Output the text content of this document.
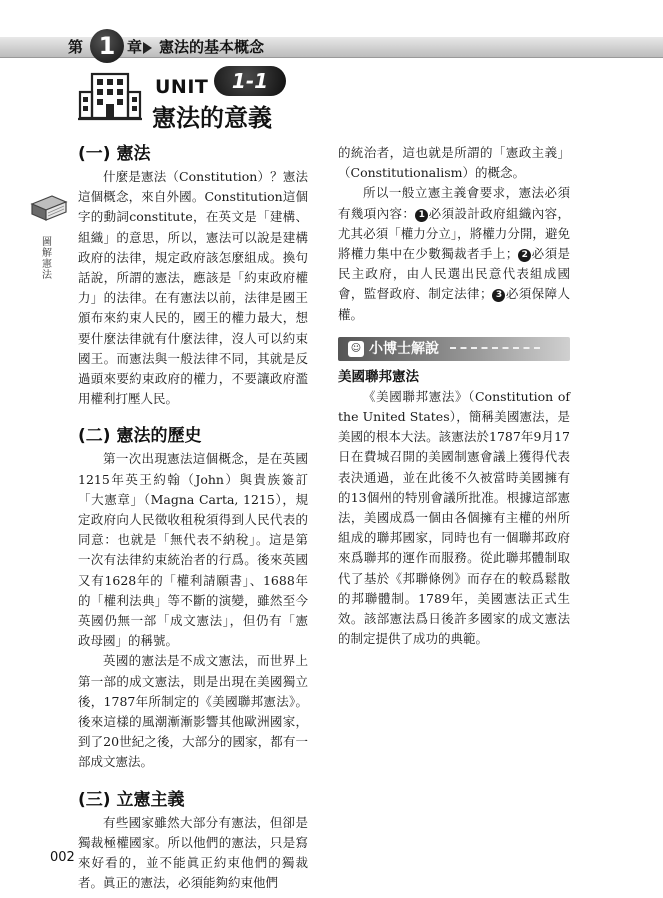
第 1 章 憲法的基本概念
UNIT	1-1
憲法的意義
圖解憲法
(一) 憲法

什麼是憲法（Constitution）？憲法這個概念，來自外國。Constitution這個字的動詞constitute，在英文是「建構、組織」的意思，所以，憲法可以說是建構政府的法律，規定政府該怎麼組成。換句話說，所謂的憲法，應該是「約束政府權力」的法律。在有憲法以前，法律是國王頒布來約束人民的，國王的權力最大，想要什麼法律就有什麼法律，沒人可以約束國王。而憲法與一般法律不同，其就是反過頭來要約束政府的權力，不要讓政府濫用權利打壓人民。

(二) 憲法的歷史

第一次出現憲法這個概念，是在英國1215年英王約翰（John）與貴族簽訂「大憲章」（Magna Carta, 1215），規定政府向人民徵收租稅須得到人民代表的同意：也就是「無代表不納稅」。這是第一次有法律約束統治者的行爲。後來英國又有1628年的「權利請願書」、1688年的「權利法典」等不斷的演變，雖然至今英國仍無一部「成文憲法」，但仍有「憲政母國」的稱號。

英國的憲法是不成文憲法，而世界上第一部的成文憲法，則是出現在美國獨立後，1787年所制定的《美國聯邦憲法》。後來這樣的風潮漸漸影響其他歐洲國家，到了20世紀之後，大部分的國家，都有一部成文憲法。

(三) 立憲主義

有些國家雖然大部分有憲法，但卻是獨裁極權國家。所以他們的憲法，只是寫來好看的，並不能眞正約束他們的獨裁者。眞正的憲法，必須能夠約束他們

的統治者，這也就是所謂的「憲政主義」（Constitutionalism）的概念。

所以一般立憲主義會要求，憲法必須有幾項內容： 1 必須設計政府組織內容，尤其必須「權力分立」，將權力分開，避免將權力集中在少數獨裁者手上； 2 必須是民主政府，由人民選出民意代表組成國會，監督政府、制定法律； 3 必須保障人權。

☺ 小博士解說
美國聯邦憲法

《美國聯邦憲法》（Constitution of the United States），簡稱美國憲法，是美國的根本大法。該憲法於1787年9月17日在費城召開的美國制憲會議上獲得代表表決通過，並在此後不久被當時美國擁有的13個州的特別會議所批准。根據這部憲法，美國成爲一個由各個擁有主權的州所組成的聯邦國家，同時也有一個聯邦政府來爲聯邦的運作而服務。從此聯邦體制取代了基於《邦聯條例》而存在的較爲鬆散的邦聯體制。1789年，美國憲法正式生效。該部憲法爲日後許多國家的成文憲法的制定提供了成功的典範。

002
